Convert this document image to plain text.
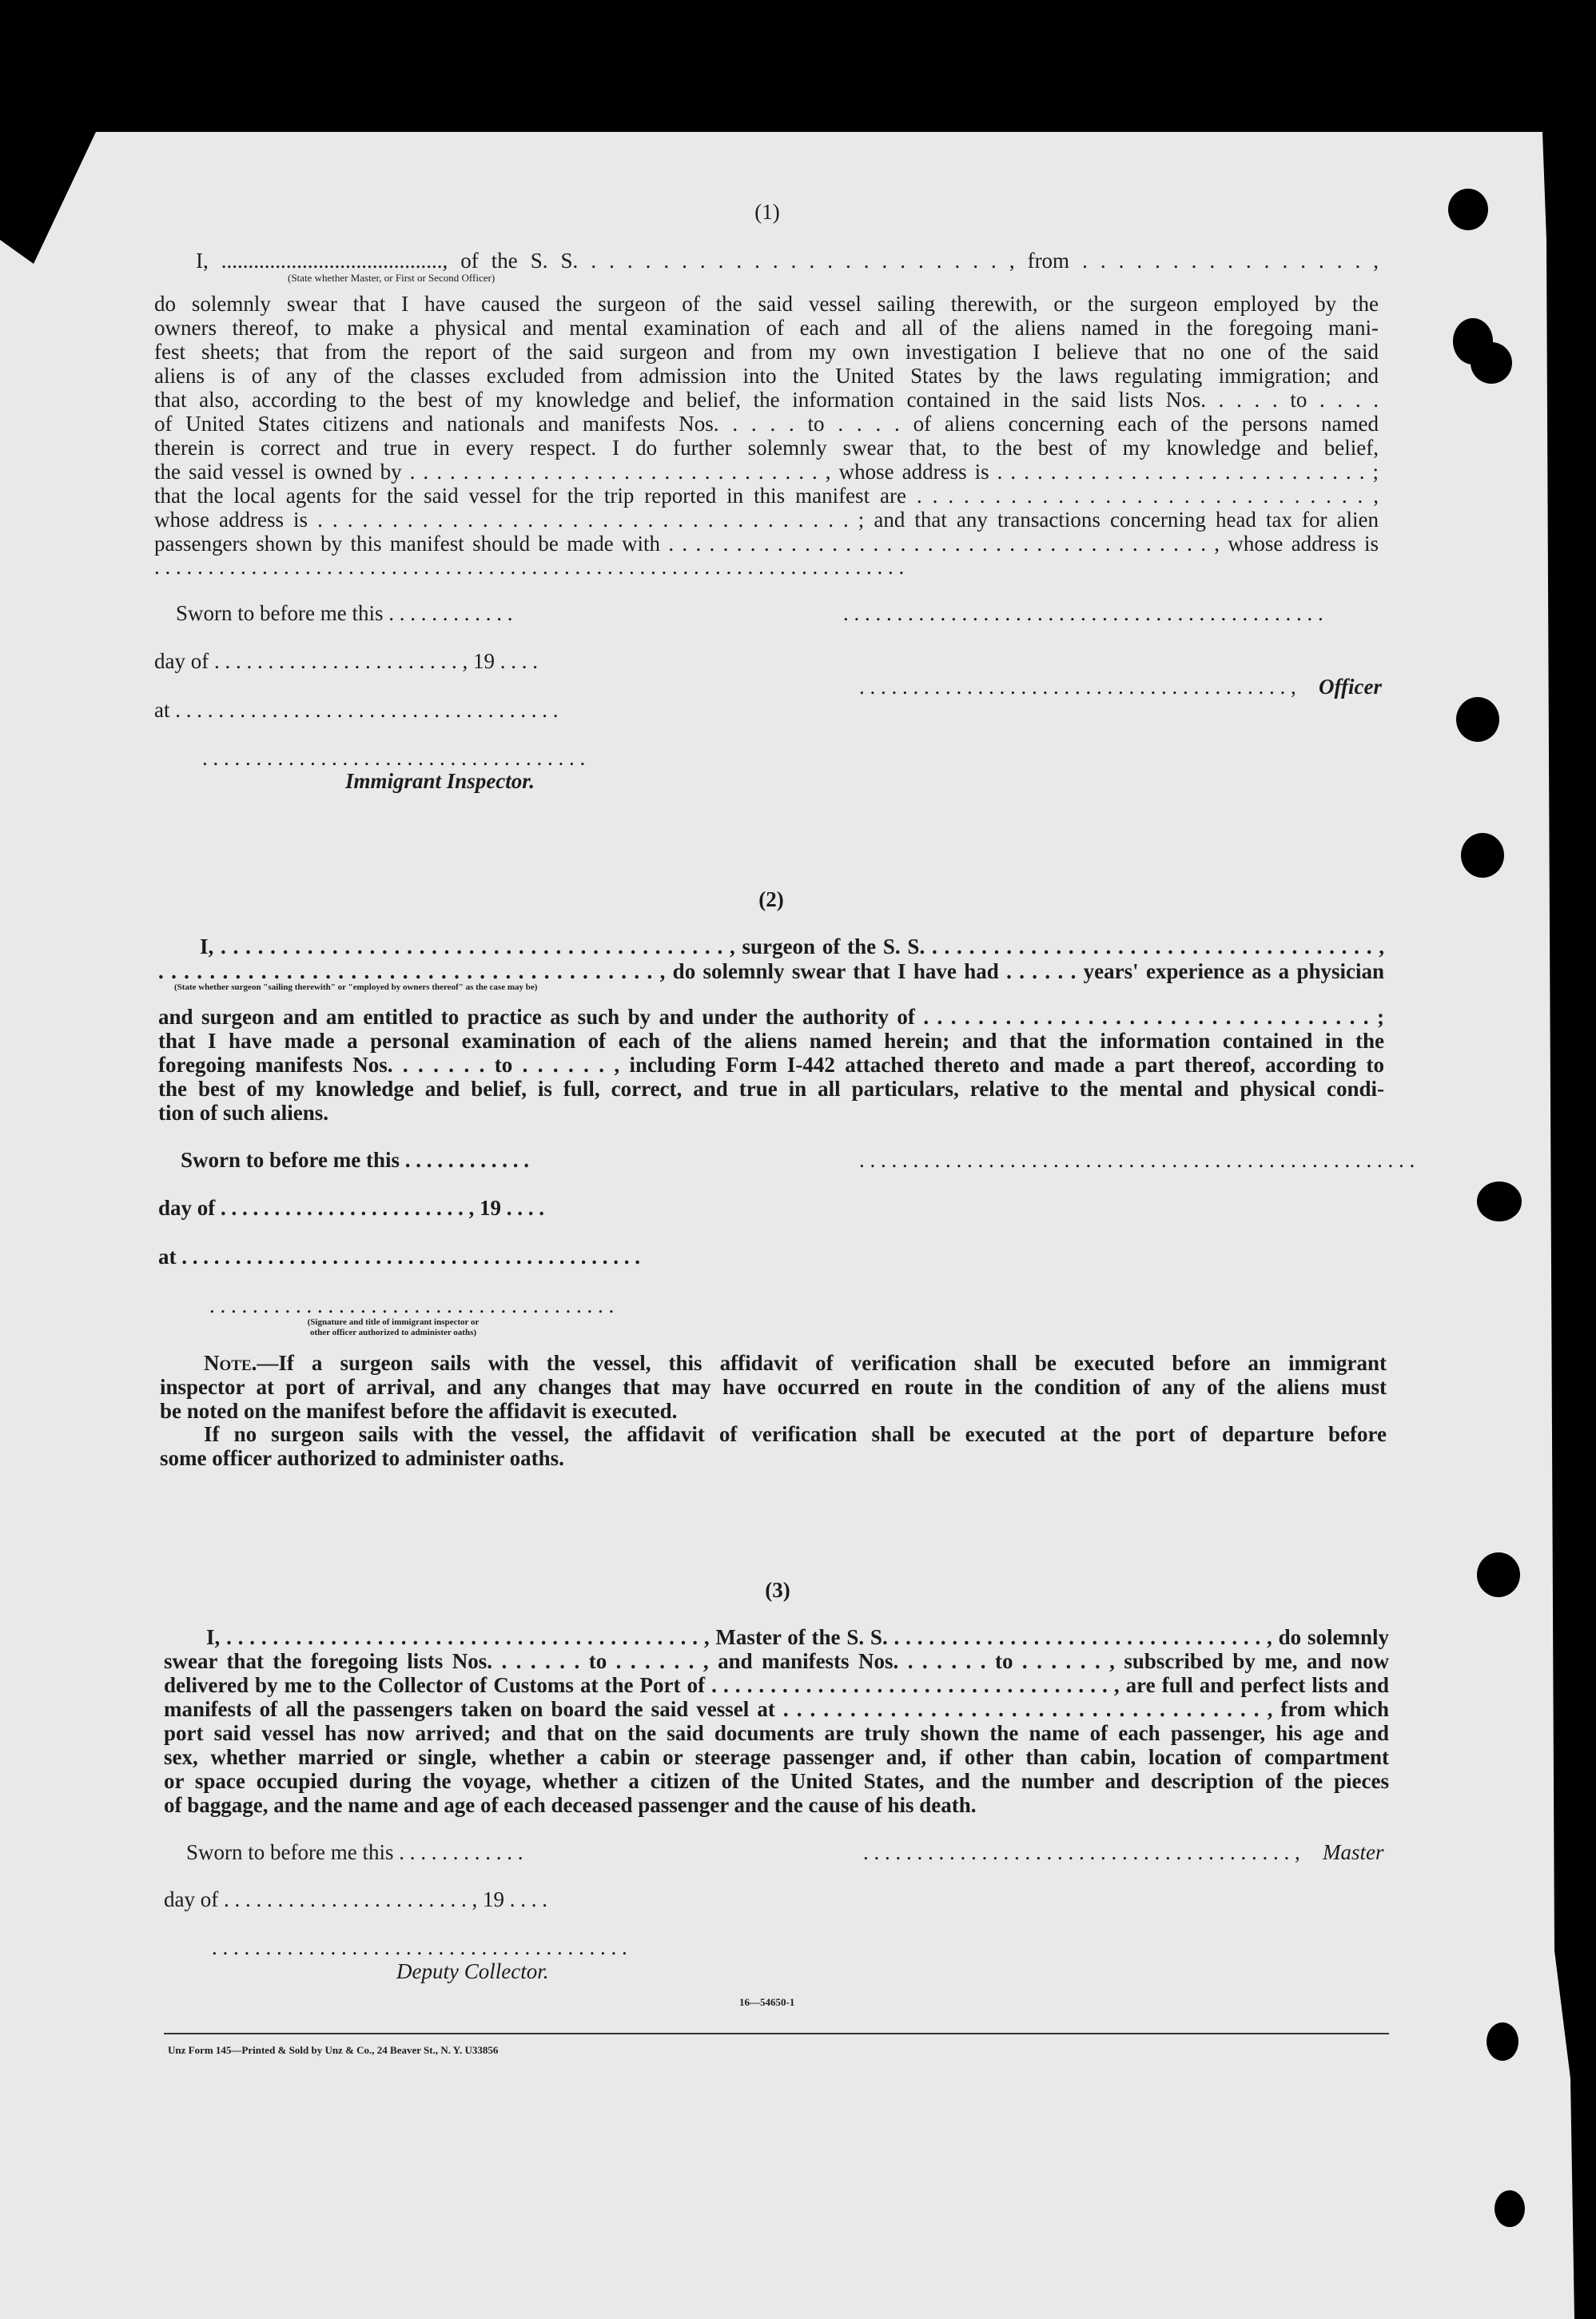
(1)
I, ........................................., of the S. S. . . . . . . . . . . . . . . . . . . . . . . . , from . . . . . . . . . . . . . . . . ,
(State whether Master, or First or Second Officer)
do solemnly swear that I have caused the surgeon of the said vessel sailing therewith, or the surgeon employed by the
owners thereof, to make a physical and mental examination of each and all of the aliens named in the foregoing mani-
fest sheets; that from the report of the said surgeon and from my own investigation I believe that no one of the said
aliens is of any of the classes excluded from admission into the United States by the laws regulating immigration; and
that also, according to the best of my knowledge and belief, the information contained in the said lists Nos. . . . . to . . . .
of United States citizens and nationals and manifests Nos. . . . . to . . . . of aliens concerning each of the persons named
therein is correct and true in every respect. I do further solemnly swear that, to the best of my knowledge and belief,
the said vessel is owned by . . . . . . . . . . . . . . . . . . . . . . . . . . . . . . . , whose address is . . . . . . . . . . . . . . . . . . . . . . . . . . . . ;
that the local agents for the said vessel for the trip reported in this manifest are . . . . . . . . . . . . . . . . . . . . . . . . . . . . . ,
whose address is . . . . . . . . . . . . . . . . . . . . . . . . . . . . . . . . . . . . ; and that any transactions concerning head tax for alien
passengers shown by this manifest should be made with . . . . . . . . . . . . . . . . . . . . . . . . . . . . . . . . . . . . . . . . , whose address is
. . . . . . . . . . . . . . . . . . . . . . . . . . . . . . . . . . . . . . . . . . . . . . . . . . . . . . . . . . . . . . . . . . . . . .
Sworn to before me this . . . . . . . . . . . .	. . . . . . . . . . . . . . . . . . . . . . . . . . . . . . . . . . . . . . . . . . . . .
day of . . . . . . . . . . . . . . . . . . . . . . . , 19 . . . .
. . . . . . . . . . . . . . . . . . . . . . . . . . . . . . . . . . . . . . . . , Officer
at . . . . . . . . . . . . . . . . . . . . . . . . . . . . . . . . . . . .
. . . . . . . . . . . . . . . . . . . . . . . . . . . . . . . . . . . .
Immigrant Inspector.
(2)
I, . . . . . . . . . . . . . . . . . . . . . . . . . . . . . . . . . . . . . . . . . , surgeon of the S. S. . . . . . . . . . . . . . . . . . . . . . . . . . . . . . . . . . . . . ,
. . . . . . . . . . . . . . . . . . . . . . . . . . . . . . . . . . . . . . . , do solemnly swear that I have had . . . . . . years' experience as a physician
(State whether surgeon "sailing therewith" or "employed by owners thereof" as the case may be)
and surgeon and am entitled to practice as such by and under the authority of . . . . . . . . . . . . . . . . . . . . . . . . . . . . . . . . . ;
that I have made a personal examination of each of the aliens named herein; and that the information contained in the
foregoing manifests Nos. . . . . . . to . . . . . . , including Form I-442 attached thereto and made a part thereof, according to
the best of my knowledge and belief, is full, correct, and true in all particulars, relative to the mental and physical condi-
tion of such aliens.
Sworn to before me this . . . . . . . . . . . .	. . . . . . . . . . . . . . . . . . . . . . . . . . . . . . . . . . . . . . . . . . . . . . . . . . . .
day of . . . . . . . . . . . . . . . . . . . . . . . , 19 . . . .
at . . . . . . . . . . . . . . . . . . . . . . . . . . . . . . . . . . . . . . . . . . .
. . . . . . . . . . . . . . . . . . . . . . . . . . . . . . . . . . . . . .
(Signature and title of immigrant inspector or
other officer authorized to administer oaths)
Note.—If a surgeon sails with the vessel, this affidavit of verification shall be executed before an immigrant
inspector at port of arrival, and any changes that may have occurred en route in the condition of any of the aliens must
be noted on the manifest before the affidavit is executed.
If no surgeon sails with the vessel, the affidavit of verification shall be executed at the port of departure before
some officer authorized to administer oaths.
(3)
I, . . . . . . . . . . . . . . . . . . . . . . . . . . . . . . . . . . . . . . . . . , Master of the S. S. . . . . . . . . . . . . . . . . . . . . . . . . . . . . . . . . , do solemnly
swear that the foregoing lists Nos. . . . . . . to . . . . . . , and manifests Nos. . . . . . . to . . . . . . , subscribed by me, and now
delivered by me to the Collector of Customs at the Port of . . . . . . . . . . . . . . . . . . . . . . . . . . . . . . . . . . , are full and perfect lists and
manifests of all the passengers taken on board the said vessel at . . . . . . . . . . . . . . . . . . . . . . . . . . . . . . . . . . . . , from which
port said vessel has now arrived; and that on the said documents are truly shown the name of each passenger, his age and
sex, whether married or single, whether a cabin or steerage passenger and, if other than cabin, location of compartment
or space occupied during the voyage, whether a citizen of the United States, and the number and description of the pieces
of baggage, and the name and age of each deceased passenger and the cause of his death.
Sworn to before me this . . . . . . . . . . . .	. . . . . . . . . . . . . . . . . . . . . . . . . . . . . . . . . . . . . . . . , Master
day of . . . . . . . . . . . . . . . . . . . . . . . , 19 . . . .
. . . . . . . . . . . . . . . . . . . . . . . . . . . . . . . . . . . . . . .
Deputy Collector.
16—54650-1
Unz Form 145—Printed & Sold by Unz & Co., 24 Beaver St., N. Y. U33856
